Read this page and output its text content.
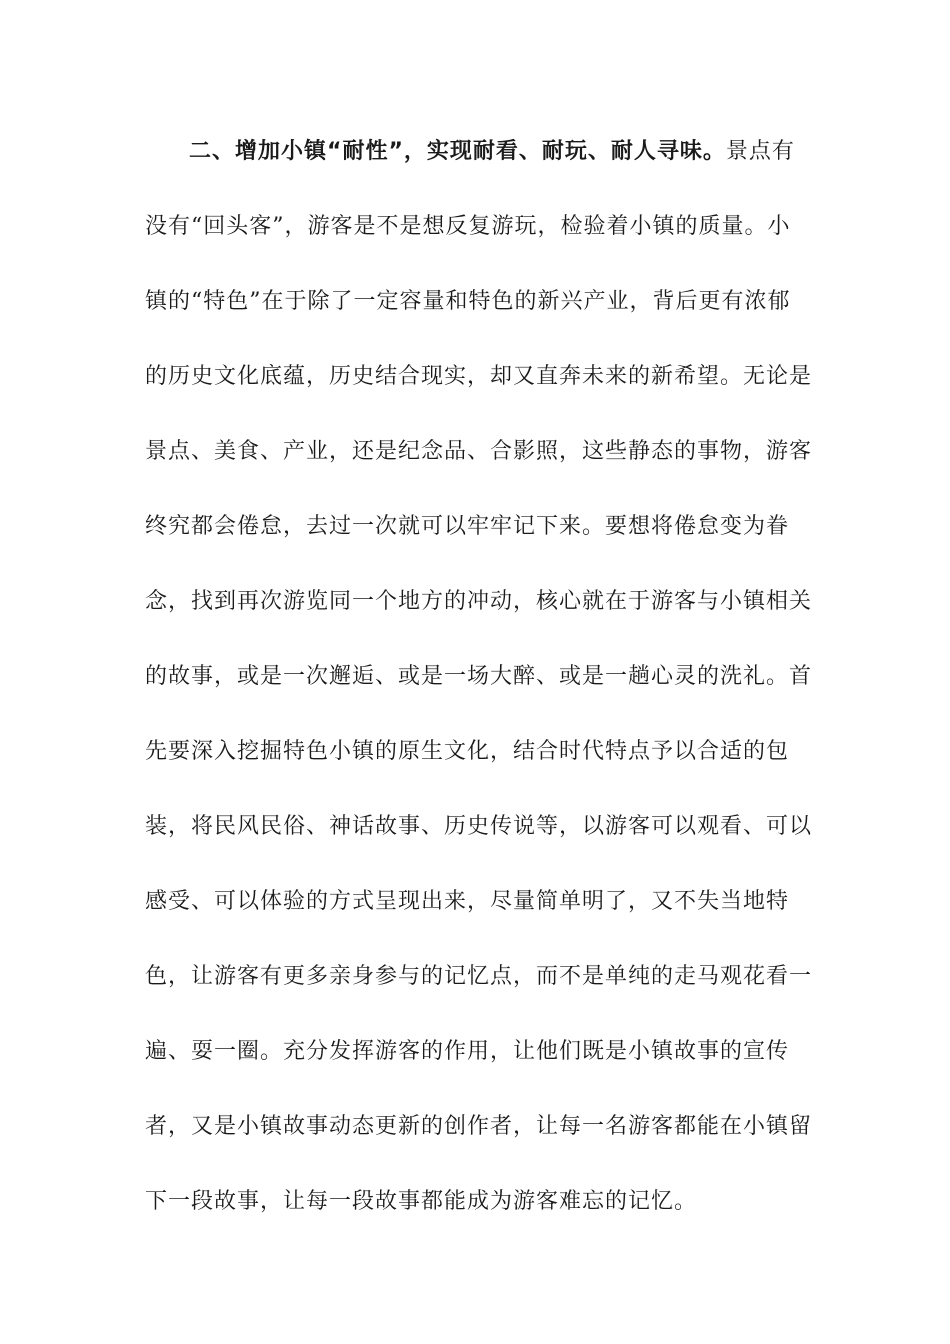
二、增加小镇“耐性”，实现耐看、耐玩、耐人寻味。景点有
没有“回头客”，游客是不是想反复游玩，检验着小镇的质量。小
镇的“特色”在于除了一定容量和特色的新兴产业，背后更有浓郁
的历史文化底蕴，历史结合现实，却又直奔未来的新希望。无论是
景点、美食、产业，还是纪念品、合影照，这些静态的事物，游客
终究都会倦怠，去过一次就可以牢牢记下来。要想将倦怠变为眷
念，找到再次游览同一个地方的冲动，核心就在于游客与小镇相关
的故事，或是一次邂逅、或是一场大醉、或是一趟心灵的洗礼。首
先要深入挖掘特色小镇的原生文化，结合时代特点予以合适的包
装，将民风民俗、神话故事、历史传说等，以游客可以观看、可以
感受、可以体验的方式呈现出来，尽量简单明了，又不失当地特
色，让游客有更多亲身参与的记忆点，而不是单纯的走马观花看一
遍、耍一圈。充分发挥游客的作用，让他们既是小镇故事的宣传
者，又是小镇故事动态更新的创作者，让每一名游客都能在小镇留
下一段故事，让每一段故事都能成为游客难忘的记忆。
